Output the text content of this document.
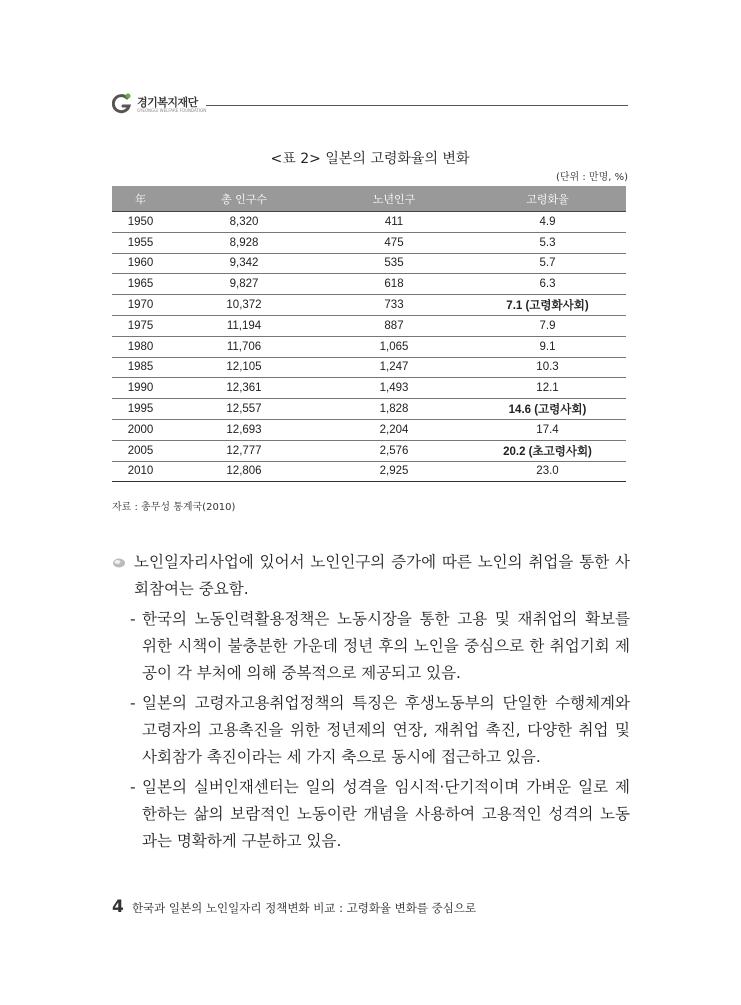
경기복지재단
GYEONGGI WELFARE FOUNDATION
<표 2> 일본의 고령화율의 변화
(단위 : 만명, %)
年	총 인구수	노년인구	고령화율
1950	8,320	411	4.9
1955	8,928	475	5.3
1960	9,342	535	5.7
1965	9,827	618	6.3
1970	10,372	733	7.1 (고령화사회)
1975	11,194	887	7.9
1980	11,706	1,065	9.1
1985	12,105	1,247	10.3
1990	12,361	1,493	12.1
1995	12,557	1,828	14.6 (고령사회)
2000	12,693	2,204	17.4
2005	12,777	2,576	20.2 (초고령사회)
2010	12,806	2,925	23.0
자료 : 총무성 통계국(2010)

노인일자리사업에 있어서 노인인구의 증가에 따른 노인의 취업을 통한 사회참여는 중요함.

- 한국의 노동인력활용정책은 노동시장을 통한 고용 및 재취업의 확보를 위한 시책이 불충분한 가운데 정년 후의 노인을 중심으로 한 취업기회 제공이 각 부처에 의해 중복적으로 제공되고 있음.

- 일본의 고령자고용취업정책의 특징은 후생노동부의 단일한 수행체계와 고령자의 고용촉진을 위한 정년제의 연장, 재취업 촉진, 다양한 취업 및 사회참가 촉진이라는 세 가지 축으로 동시에 접근하고 있음.

- 일본의 실버인재센터는 일의 성격을 임시적·단기적이며 가벼운 일로 제한하는 삶의 보람적인 노동이란 개념을 사용하여 고용적인 성격의 노동과는 명확하게 구분하고 있음.

4 한국과 일본의 노인일자리 정책변화 비교 : 고령화율 변화를 중심으로
